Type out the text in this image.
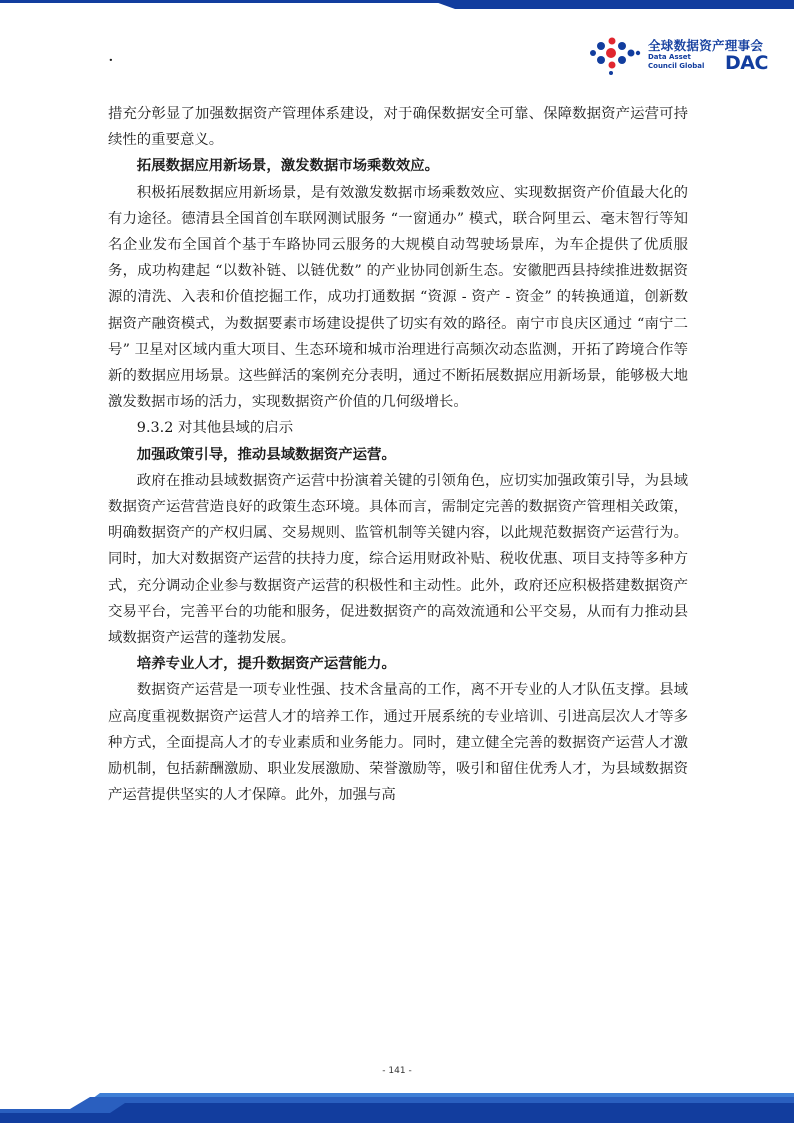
·
全球数据资产理事会
Data Asset
Council Global DAC

措充分彰显了加强数据资产管理体系建设，对于确保数据安全可靠、保障数据资产运营可持续性的重要意义。

拓展数据应用新场景，激发数据市场乘数效应。

积极拓展数据应用新场景，是有效激发数据市场乘数效应、实现数据资产价值最大化的有力途径。德清县全国首创车联网测试服务 “一窗通办” 模式，联合阿里云、毫末智行等知名企业发布全国首个基于车路协同云服务的大规模自动驾驶场景库，为车企提供了优质服务，成功构建起 “以数补链、以链优数” 的产业协同创新生态。安徽肥西县持续推进数据资源的清洗、入表和价值挖掘工作，成功打通数据 “资源 - 资产 - 资金” 的转换通道，创新数据资产融资模式，为数据要素市场建设提供了切实有效的路径。南宁市良庆区通过 “南宁二号” 卫星对区域内重大项目、生态环境和城市治理进行高频次动态监测，开拓了跨境合作等新的数据应用场景。这些鲜活的案例充分表明，通过不断拓展数据应用新场景，能够极大地激发数据市场的活力，实现数据资产价值的几何级增长。

9.3.2 对其他县域的启示

加强政策引导，推动县域数据资产运营。

政府在推动县域数据资产运营中扮演着关键的引领角色，应切实加强政策引导，为县域数据资产运营营造良好的政策生态环境。具体而言，需制定完善的数据资产管理相关政策，明确数据资产的产权归属、交易规则、监管机制等关键内容，以此规范数据资产运营行为。同时，加大对数据资产运营的扶持力度，综合运用财政补贴、税收优惠、项目支持等多种方式，充分调动企业参与数据资产运营的积极性和主动性。此外，政府还应积极搭建数据资产交易平台，完善平台的功能和服务，促进数据资产的高效流通和公平交易，从而有力推动县域数据资产运营的蓬勃发展。

培养专业人才，提升数据资产运营能力。

数据资产运营是一项专业性强、技术含量高的工作，离不开专业的人才队伍支撑。县域应高度重视数据资产运营人才的培养工作，通过开展系统的专业培训、引进高层次人才等多种方式，全面提高人才的专业素质和业务能力。同时，建立健全完善的数据资产运营人才激励机制，包括薪酬激励、职业发展激励、荣誉激励等，吸引和留住优秀人才，为县域数据资产运营提供坚实的人才保障。此外，加强与高

- 141 -
